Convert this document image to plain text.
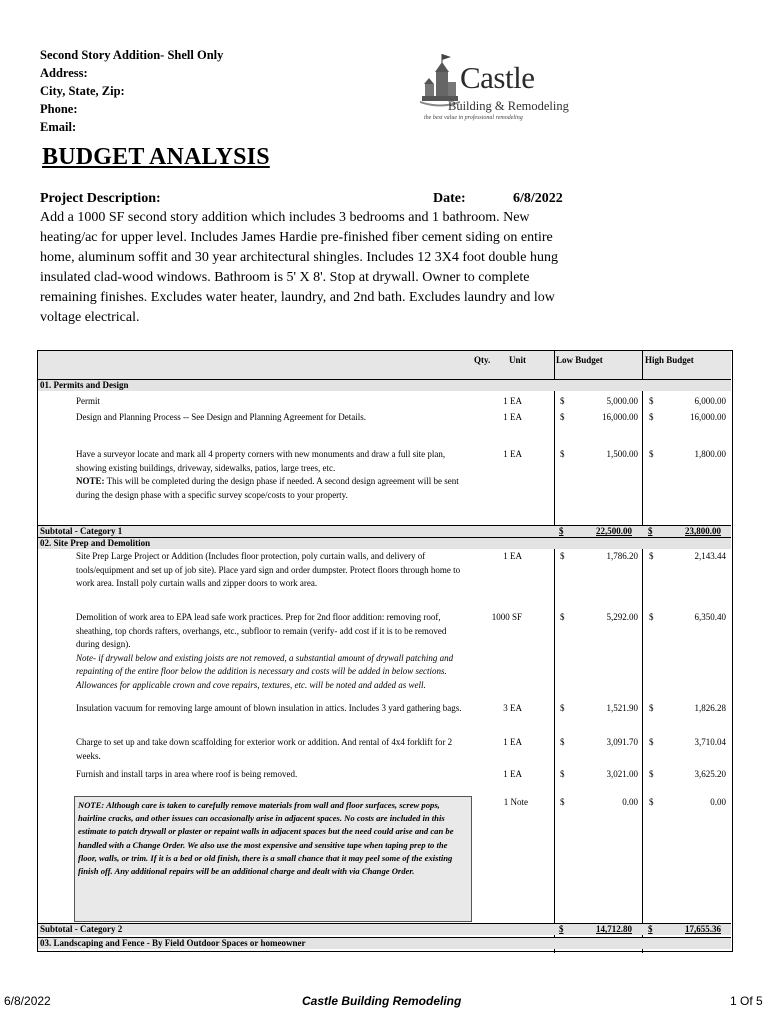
Second Story Addition- Shell Only
Address:
City, State, Zip:
Phone:
Email:
Castle
Building & Remodeling
the best value in professional remodeling
BUDGET ANALYSIS
Project Description:	Date:	6/8/2022
Add a 1000 SF second story addition which includes 3 bedrooms and 1 bathroom. New heating/ac for upper level. Includes James Hardie pre-finished fiber cement siding on entire home, aluminum soffit and 30 year architectural shingles. Includes 12 3X4 foot double hung insulated clad-wood windows. Bathroom is 5' X 8'. Stop at drywall. Owner to complete remaining finishes. Excludes water heater, laundry, and 2nd bath. Excludes laundry and low voltage electrical.
Qty. Unit	Low Budget	High Budget
01. Permits and Design
Permit	1 EA	$	5,000.00 $	6,000.00
Design and Planning Process -- See Design and Planning Agreement for Details.	1 EA	$	16,000.00 $	16,000.00
Have a surveyor locate and mark all 4 property corners with new monuments and draw a full site plan, showing existing buildings, driveway, sidewalks, patios, large trees, etc.
NOTE: This will be completed during the design phase if needed. A second design agreement will be sent during the design phase with a specific survey scope/costs to your property.
1 EA	$	1,500.00 $	1,800.00
Subtotal - Category 1	$	22,500.00 $	23,800.00
02. Site Prep and Demolition
Site Prep Large Project or Addition (Includes floor protection, poly curtain walls, and delivery of tools/equipment and set up of job site). Place yard sign and order dumpster. Protect floors through home to work area. Install poly curtain walls and zipper doors to work area.
1 EA	$	1,786.20 $	2,143.44
Demolition of work area to EPA lead safe work practices. Prep for 2nd floor addition: removing roof, sheathing, top chords rafters, overhangs, etc., subfloor to remain (verify- add cost if it is to be removed during design).
Note- if drywall below and existing joists are not removed, a substantial amount of drywall patching and repainting of the entire floor below the addition is necessary and costs will be added in below sections. Allowances for applicable crown and cove repairs, textures, etc. will be noted and added as well.
1000 SF	$	5,292.00 $	6,350.40
Insulation vacuum for removing large amount of blown insulation in attics. Includes 3 yard gathering bags.	3 EA	$	1,521.90 $	1,826.28
Charge to set up and take down scaffolding for exterior work or addition. And rental of 4x4 forklift for 2 weeks.
1 EA	$	3,091.70 $	3,710.04
Furnish and install tarps in area where roof is being removed.	1 EA	$	3,021.00 $	3,625.20
NOTE: Although care is taken to carefully remove materials from wall and floor surfaces, screw pops, hairline cracks, and other issues can occasionally arise in adjacent spaces. No costs are included in this estimate to patch drywall or plaster or repaint walls in adjacent spaces but the need could arise and can be handled with a Change Order. We also use the most expensive and sensitive tape when taping prep to the floor, walls, or trim. If it is a bed or old finish, there is a small chance that it may peel some of the existing finish off. Any additional repairs will be an additional charge and dealt with via Change Order.
1 Note	$	0.00 $	0.00
Subtotal - Category 2	$	14,712.80 $	17,655.36
03. Landscaping and Fence - By Field Outdoor Spaces or homeowner
6/8/2022	Castle Building Remodeling	1 Of 5
